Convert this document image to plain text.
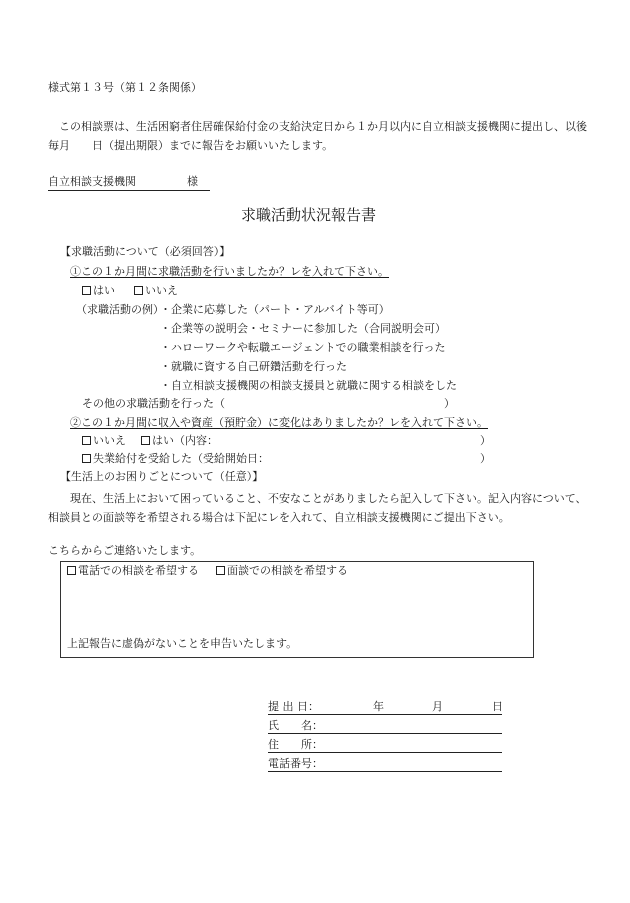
様式第１３号（第１２条関係）
この相談票は、生活困窮者住居確保給付金の支給決定日から１か月以内に自立相談支援機関に提出し、以後毎月　　日（提出期限）までに報告をお願いいたします。
自立相談支援機関	様
求職活動状況報告書
【求職活動について（必須回答）】
①この１か月間に求職活動を行いましたか？レを入れて下さい。
はい	いいえ
（求職活動の例）
・企業に応募した（パート・アルバイト等可）
・企業等の説明会・セミナーに参加した（合同説明会可）
・ハローワークや転職エージェントでの職業相談を行った
・就職に資する自己研鑽活動を行った
・自立相談支援機関の相談支援員と就職に関する相談をした
その他の求職活動を行った（	）
②この１か月間に収入や資産（預貯金）に変化はありましたか？レを入れて下さい。
いいえ はい（内容：	）
失業給付を受給した（受給開始日：	）
【生活上のお困りごとについて（任意）】
現在、生活上において困っていること、不安なことがありましたら記入して下さい。記入内容について、相談員との面談等を希望される場合は下記にレを入れて、自立相談支援機関にご提出下さい。
こちらからご連絡いたします。
電話での相談を希望する	面談での相談を希望する
上記報告に虚偽がないことを申告いたします。
提 出 日：	年	月	日
氏　　名：
住　　所：
電話番号：
